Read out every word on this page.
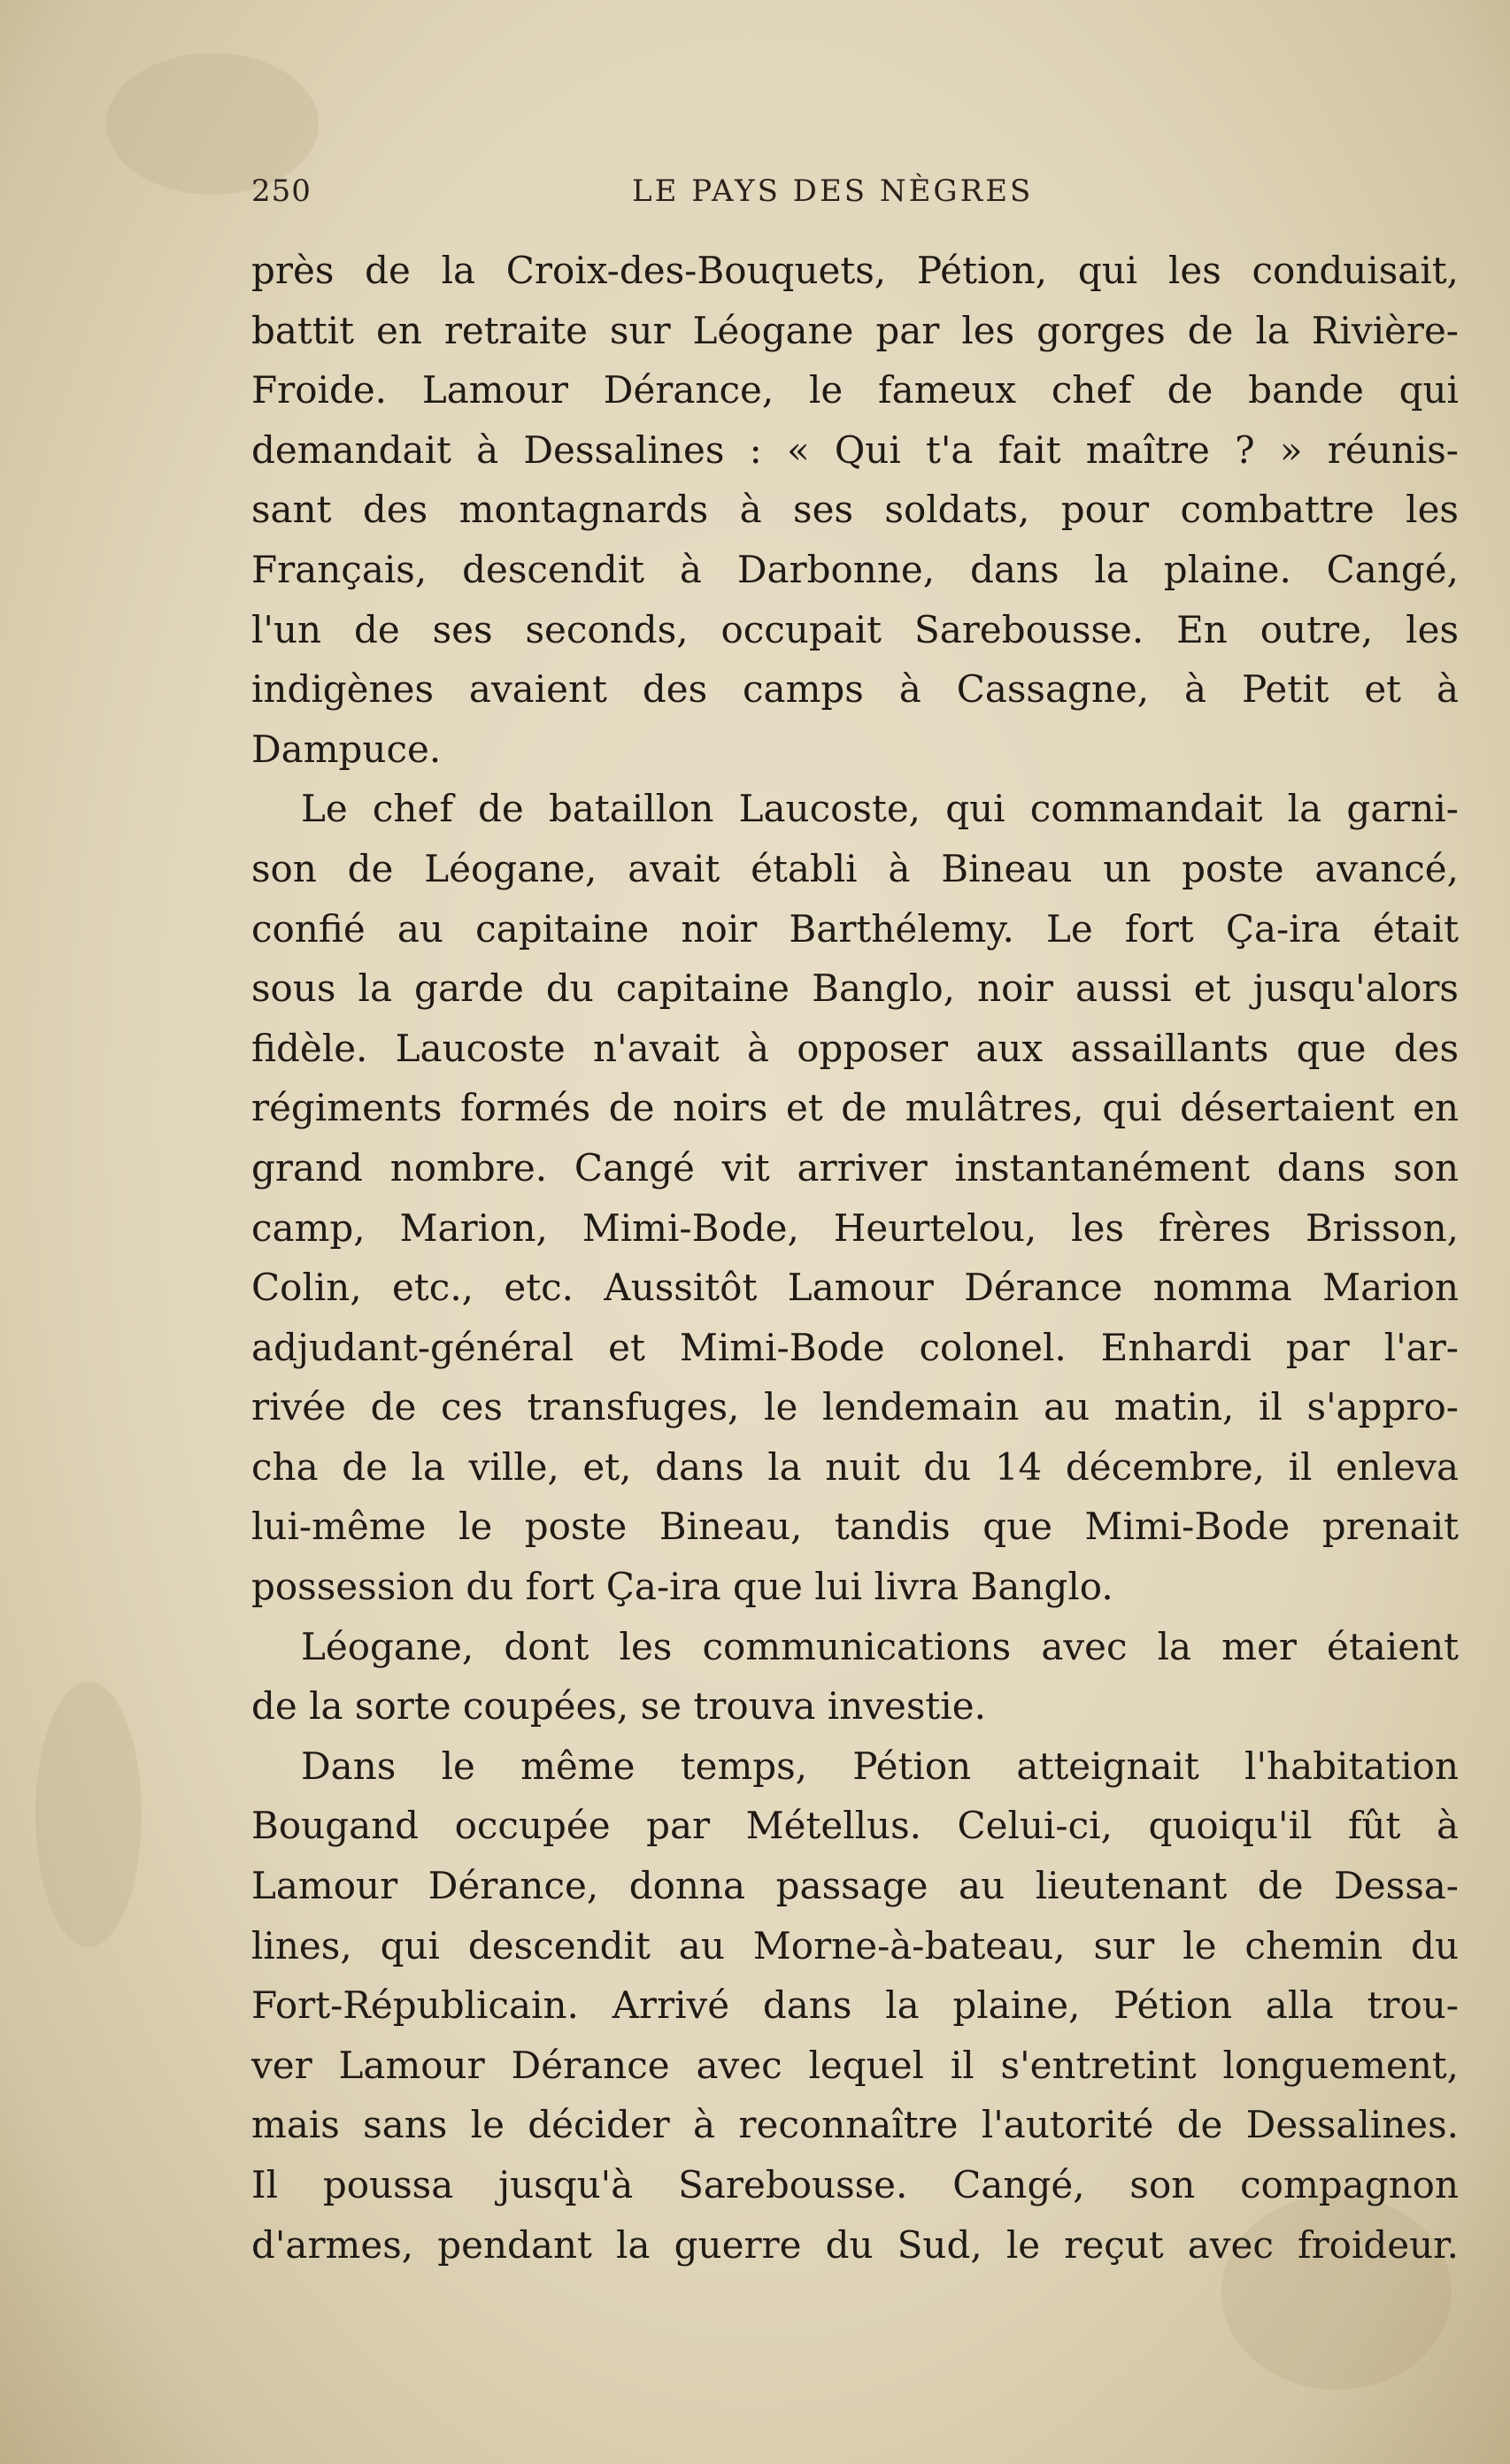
250	LE PAYS DES NÈGRES
près de la Croix-des-Bouquets, Pétion, qui les conduisait,
battit en retraite sur Léogane par les gorges de la Rivière-
Froide. Lamour Dérance, le fameux chef de bande qui
demandait à Dessalines : « Qui t'a fait maître ? » réunis-
sant des montagnards à ses soldats, pour combattre les
Français, descendit à Darbonne, dans la plaine. Cangé,
l'un de ses seconds, occupait Sarebousse. En outre, les
indigènes avaient des camps à Cassagne, à Petit et à
Dampuce.
Le chef de bataillon Laucoste, qui commandait la garni-
son de Léogane, avait établi à Bineau un poste avancé,
confié au capitaine noir Barthélemy. Le fort Ça-ira était
sous la garde du capitaine Banglo, noir aussi et jusqu'alors
fidèle. Laucoste n'avait à opposer aux assaillants que des
régiments formés de noirs et de mulâtres, qui désertaient en
grand nombre. Cangé vit arriver instantanément dans son
camp, Marion, Mimi-Bode, Heurtelou, les frères Brisson,
Colin, etc., etc. Aussitôt Lamour Dérance nomma Marion
adjudant-général et Mimi-Bode colonel. Enhardi par l'ar-
rivée de ces transfuges, le lendemain au matin, il s'appro-
cha de la ville, et, dans la nuit du 14 décembre, il enleva
lui-même le poste Bineau, tandis que Mimi-Bode prenait
possession du fort Ça-ira que lui livra Banglo.
Léogane, dont les communications avec la mer étaient
de la sorte coupées, se trouva investie.
Dans le même temps, Pétion atteignait l'habitation
Bougand occupée par Métellus. Celui-ci, quoiqu'il fût à
Lamour Dérance, donna passage au lieutenant de Dessa-
lines, qui descendit au Morne-à-bateau, sur le chemin du
Fort-Républicain. Arrivé dans la plaine, Pétion alla trou-
ver Lamour Dérance avec lequel il s'entretint longuement,
mais sans le décider à reconnaître l'autorité de Dessalines.
Il poussa jusqu'à Sarebousse. Cangé, son compagnon
d'armes, pendant la guerre du Sud, le reçut avec froideur.
